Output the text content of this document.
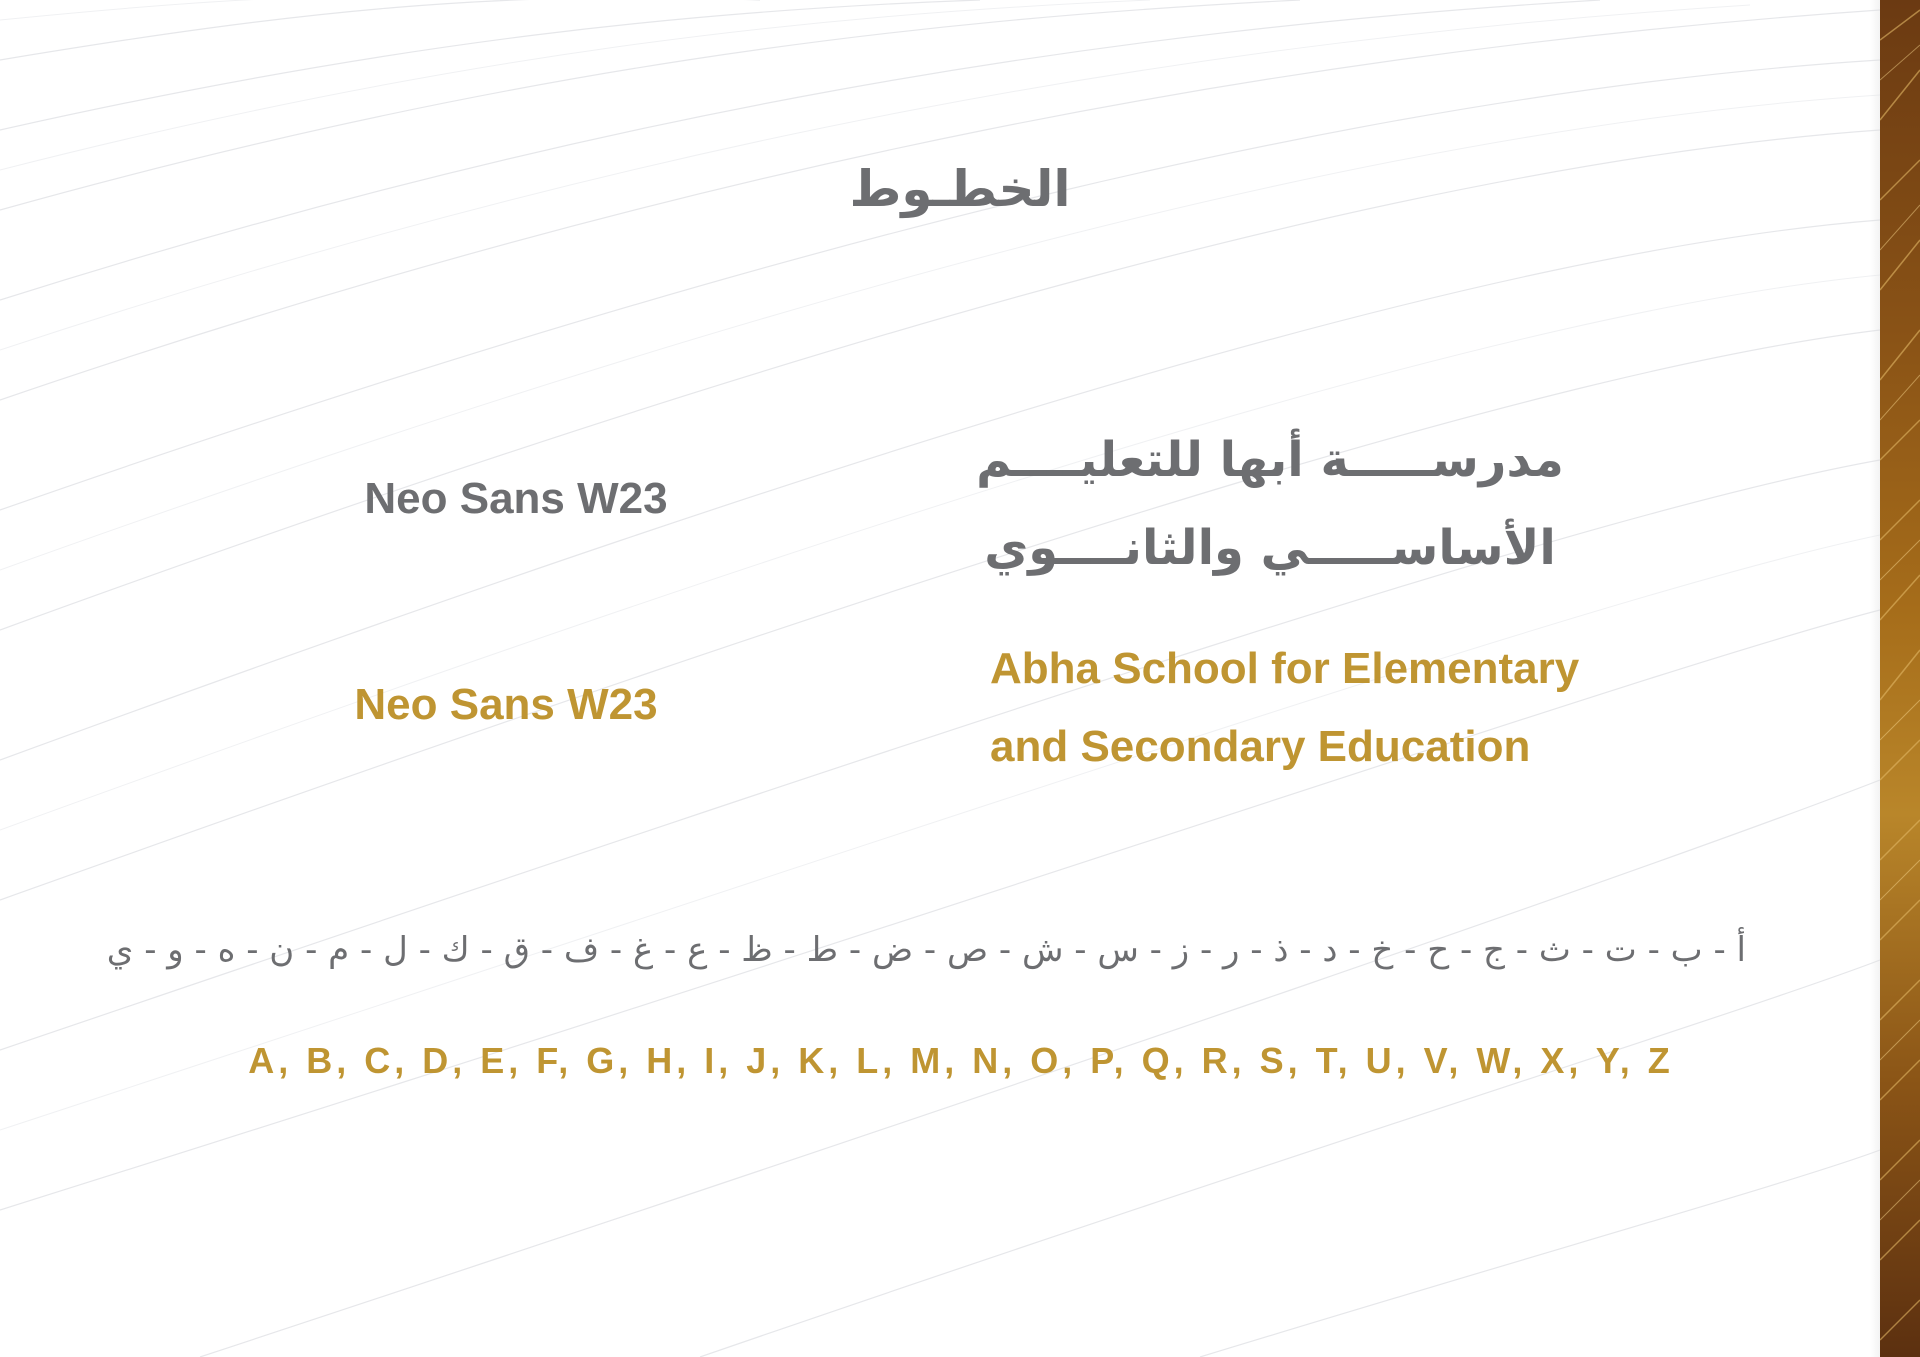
الخطـوط
Neo Sans W23
Neo Sans W23
مدرســـــة أبها للتعليــــم
الأساســـــي والثانــــوي
Abha School for Elementary
and Secondary Education
أ - ب - ت - ث - ج - ح - خ - د - ذ - ر - ز - س - ش - ص - ض - ط - ظ - ع - غ - ف - ق - ك - ل - م - ن - ه - و - ي
A, B, C, D, E, F, G, H, I, J, K, L, M, N, O, P, Q, R, S, T, U, V, W, X, Y, Z
